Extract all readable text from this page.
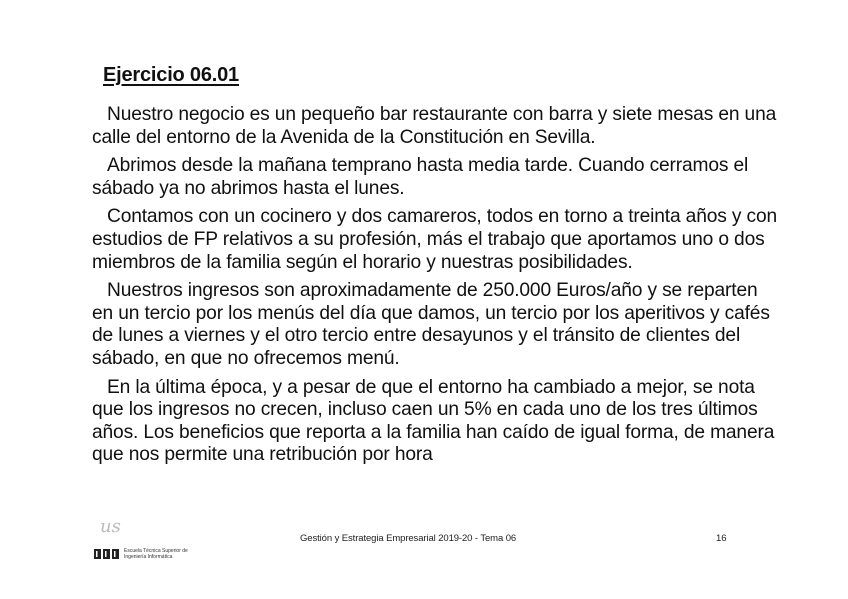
Ejercicio 06.01

Nuestro negocio es un pequeño bar restaurante con barra y siete mesas en una calle del entorno de la Avenida de la Constitución en Sevilla.

Abrimos desde la mañana temprano hasta media tarde. Cuando cerramos el sábado ya no abrimos hasta el lunes.

Contamos con un cocinero y dos camareros, todos en torno a treinta años y con estudios de FP relativos a su profesión, más el trabajo que aportamos uno o dos miembros de la familia según el horario y nuestras posibilidades.

Nuestros ingresos son aproximadamente de 250.000 Euros/año y se reparten en un tercio por los menús del día que damos, un tercio por los aperitivos y cafés de lunes a viernes y el otro tercio entre desayunos y el tránsito de clientes del sábado, en que no ofrecemos menú.

En la última época, y a pesar de que el entorno ha cambiado a mejor, se nota que los ingresos no crecen, incluso caen un 5% en cada uno de los tres últimos años. Los beneficios que reporta a la familia han caído de igual forma, de manera que nos permite una retribución por hora

us
Escuela Técnica Superior de
Ingeniería Informática
Gestión y Estrategia Empresarial 2019-20 - Tema 06	16
